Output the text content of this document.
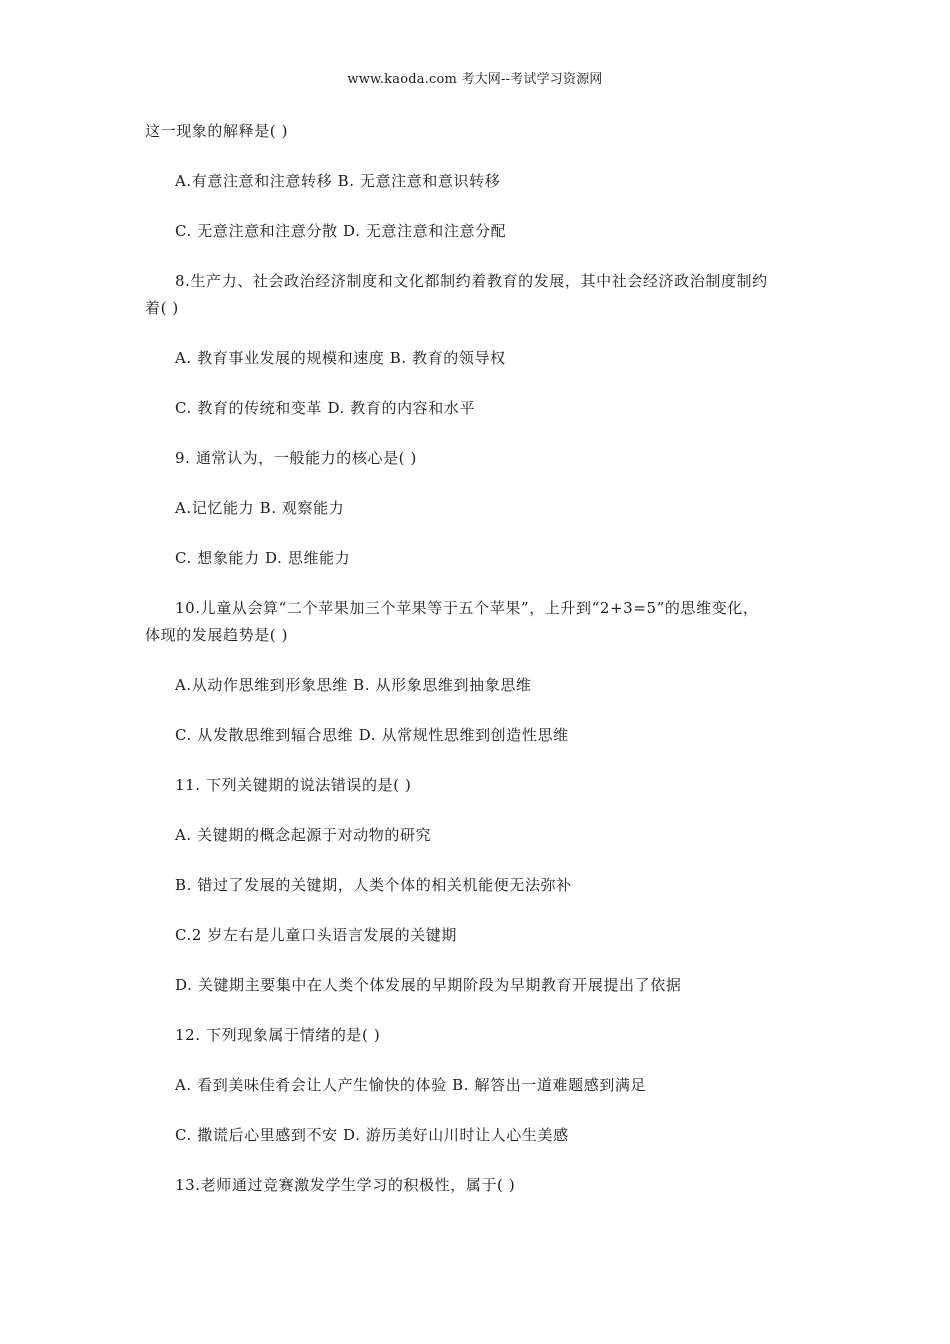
www.kaoda.com 考大网--考试学习资源网
这一现象的解释是( )
A.有意注意和注意转移 B. 无意注意和意识转移
C. 无意注意和注意分散 D. 无意注意和注意分配
8.生产力、社会政治经济制度和文化都制约着教育的发展，其中社会经济政治制度制约
着( )
A. 教育事业发展的规模和速度 B. 教育的领导权
C. 教育的传统和变革 D. 教育的内容和水平
9. 通常认为，一般能力的核心是( )
A.记忆能力 B. 观察能力
C. 想象能力 D. 思维能力
10.儿童从会算“二个苹果加三个苹果等于五个苹果”，上升到“2+3=5”的思维变化，
体现的发展趋势是( )
A.从动作思维到形象思维 B. 从形象思维到抽象思维
C. 从发散思维到辐合思维 D. 从常规性思维到创造性思维
11. 下列关键期的说法错误的是( )
A. 关键期的概念起源于对动物的研究
B. 错过了发展的关键期，人类个体的相关机能便无法弥补
C.2 岁左右是儿童口头语言发展的关键期
D. 关键期主要集中在人类个体发展的早期阶段为早期教育开展提出了依据
12. 下列现象属于情绪的是( )
A. 看到美味佳肴会让人产生愉快的体验 B. 解答出一道难题感到满足
C. 撒谎后心里感到不安 D. 游历美好山川时让人心生美感
13.老师通过竞赛激发学生学习的积极性，属于( )
